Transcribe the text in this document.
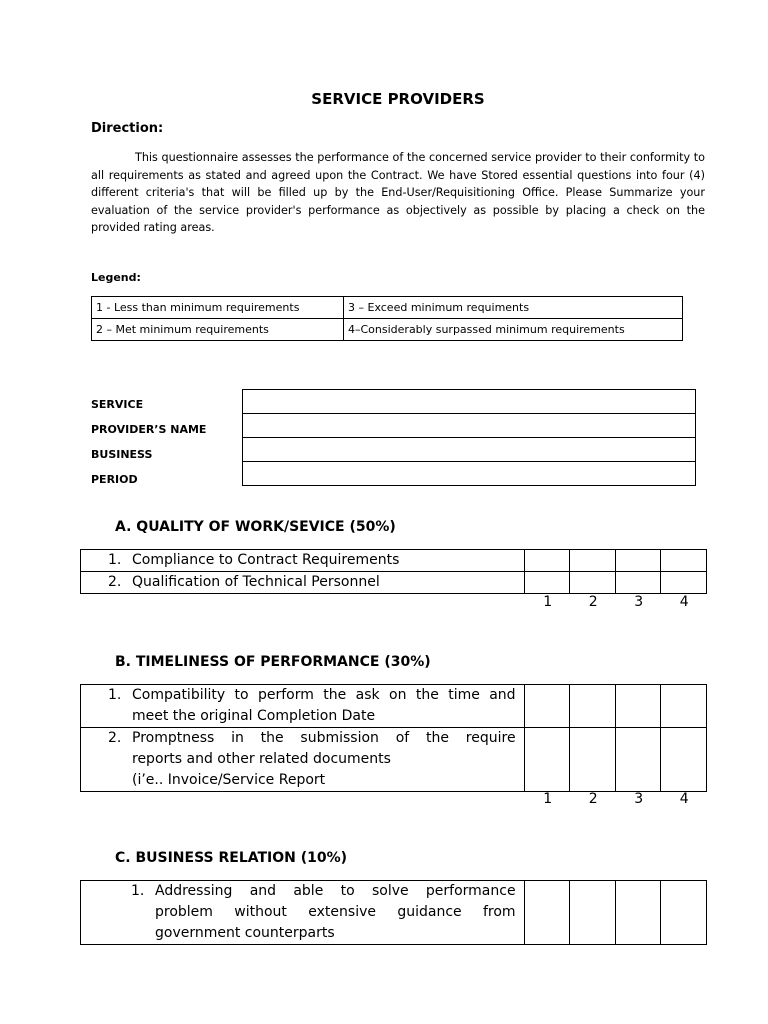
SERVICE PROVIDERS
Direction:
This questionnaire assesses the performance of the concerned service provider to their conformity to all requirements as stated and agreed upon the Contract. We have Stored essential questions into four (4) different criteria's that will be filled up by the End-User/Requisitioning Office. Please Summarize your evaluation of the service provider's performance as objectively as possible by placing a check on the provided rating areas.
Legend:
1 - Less than minimum requirements	3 – Exceed minimum requiments
2 – Met minimum requirements	4–Considerably surpassed minimum requirements
SERVICE
PROVIDER’S NAME
BUSINESS
PERIOD

A. QUALITY OF WORK/SEVICE (50%)
1. Compliance to Contract Requirements				

2. Qualification of Technical Personnel				

1	2	3	4
B. TIMELINESS OF PERFORMANCE (30%)
1. Compatibility to perform the ask on the time and
meet the original Completion Date				

2. Promptness in the submission of the require
reports and other related documents
(i’e.. Invoice/Service Report				

1	2	3	4
C. BUSINESS RELATION (10%)
1. Addressing and able to solve performance
problem without extensive guidance from
government counterparts
